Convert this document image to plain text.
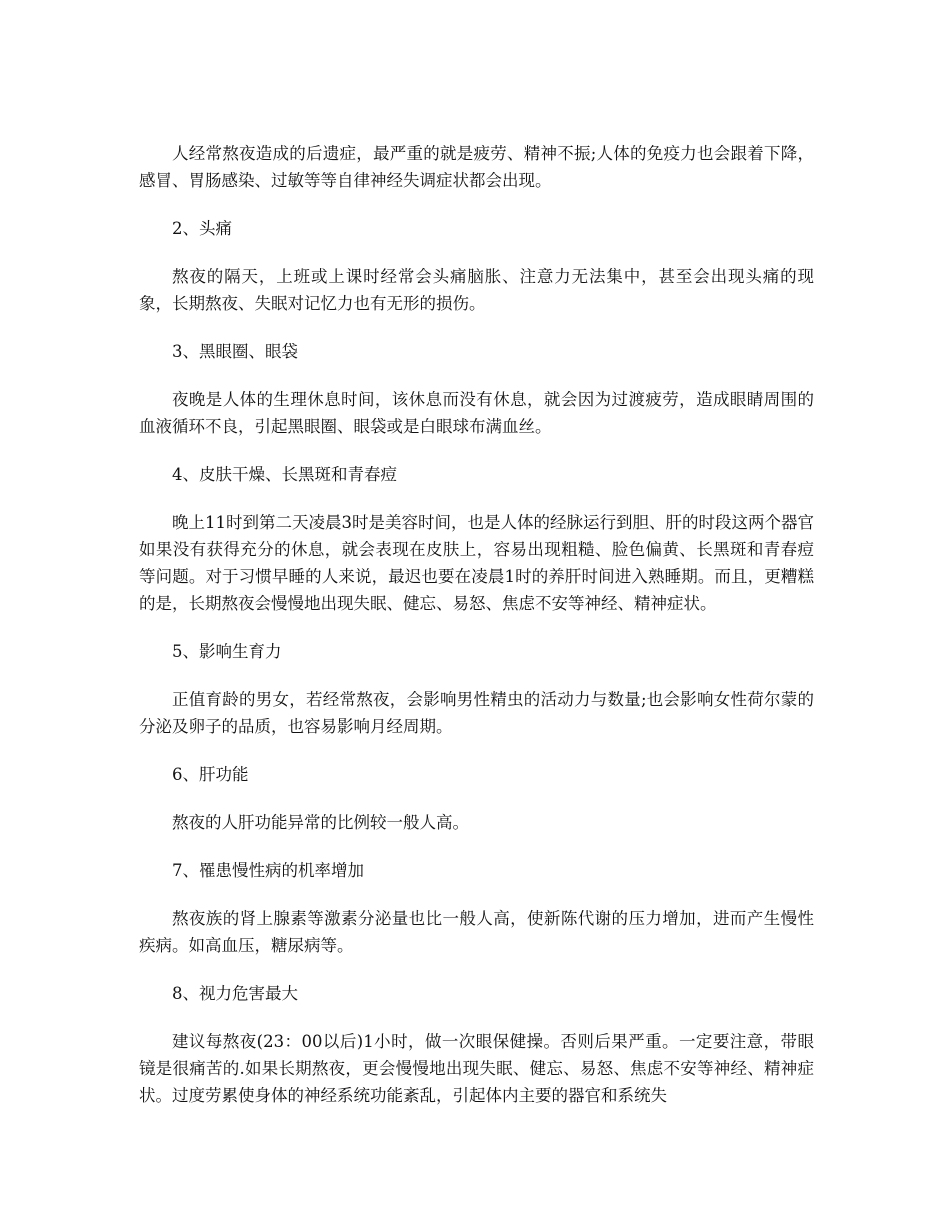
人经常熬夜造成的后遗症，最严重的就是疲劳、精神不振;人体的免疫力也会跟着下降，感冒、胃肠感染、过敏等等自律神经失调症状都会出现。

2、头痛

熬夜的隔天，上班或上课时经常会头痛脑胀、注意力无法集中，甚至会出现头痛的现象，长期熬夜、失眠对记忆力也有无形的损伤。

3、黑眼圈、眼袋

夜晚是人体的生理休息时间，该休息而没有休息，就会因为过渡疲劳，造成眼睛周围的血液循环不良，引起黑眼圈、眼袋或是白眼球布满血丝。

4、皮肤干燥、长黑斑和青春痘

晚上11时到第二天凌晨3时是美容时间，也是人体的经脉运行到胆、肝的时段这两个器官如果没有获得充分的休息，就会表现在皮肤上，容易出现粗糙、脸色偏黄、长黑斑和青春痘等问题。对于习惯早睡的人来说，最迟也要在凌晨1时的养肝时间进入熟睡期。而且，更糟糕的是，长期熬夜会慢慢地出现失眠、健忘、易怒、焦虑不安等神经、精神症状。

5、影响生育力

正值育龄的男女，若经常熬夜，会影响男性精虫的活动力与数量;也会影响女性荷尔蒙的分泌及卵子的品质，也容易影响月经周期。

6、肝功能

熬夜的人肝功能异常的比例较一般人高。

7、罹患慢性病的机率增加

熬夜族的肾上腺素等激素分泌量也比一般人高，使新陈代谢的压力增加，进而产生慢性疾病。如高血压，糖尿病等。

8、视力危害最大

建议每熬夜(23：00以后)1小时，做一次眼保健操。否则后果严重。一定要注意，带眼镜是很痛苦的.如果长期熬夜，更会慢慢地出现失眠、健忘、易怒、焦虑不安等神经、精神症状。过度劳累使身体的神经系统功能紊乱，引起体内主要的器官和系统失
